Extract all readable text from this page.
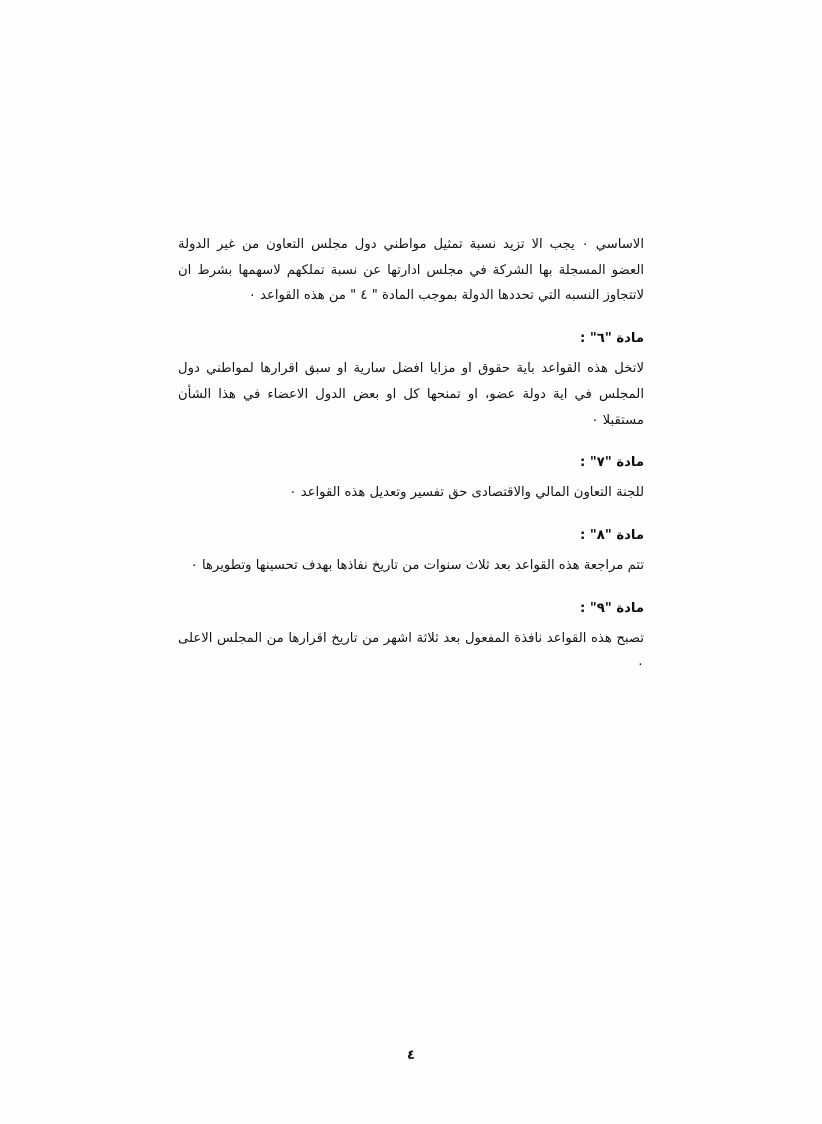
الاساسي ٠ يجب الا تزيد نسبة تمثيل مواطني دول مجلس التعاون من غير الدولة العضو المسجلة بها الشركة في مجلس ادارتها عن نسبة تملكهم لاسهمها بشرط ان لاتتجاوز النسبه التي تحددها الدولة بموجب المادة " ٤ " من هذه القواعد ٠

مادة "٦" :

لاتخل هذه القواعد باية حقوق او مزايا افضل سارية او سبق اقرارها لمواطني دول المجلس في اية دولة عضو، او تمنحها كل او بعض الدول الاعضاء في هذا الشأن مستقبلا ٠

مادة "٧" :

للجنة التعاون المالي والاقتصادى حق تفسير وتعديل هذه القواعد ٠

مادة "٨" :

تتم مراجعة هذه القواعد بعد ثلاث سنوات من تاريخ نفاذها بهدف تحسينها وتطويرها ٠

مادة "٩" :

تصبح هذه القواعد نافذة المفعول بعد ثلاثة اشهر من تاريخ اقرارها من المجلس الاعلى ٠

٤
